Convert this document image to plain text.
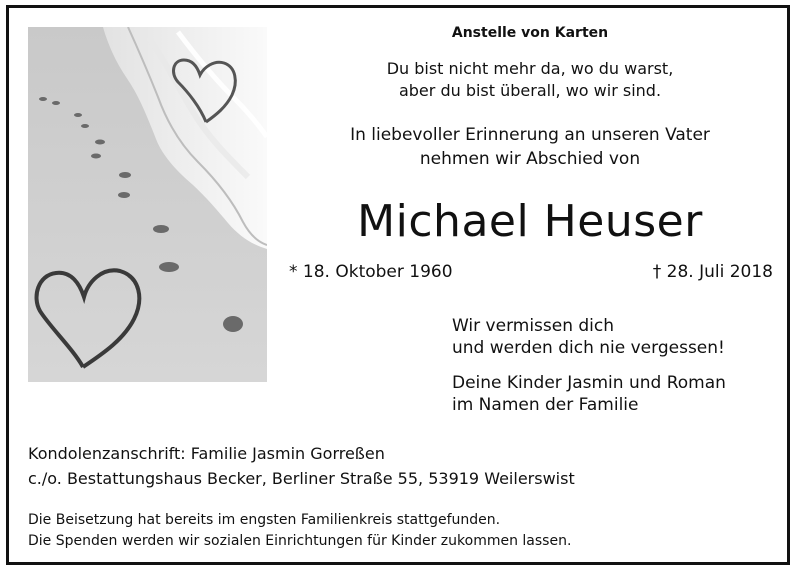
Anstelle von Karten
Du bist nicht mehr da, wo du warst,
aber du bist überall, wo wir sind.
In liebevoller Erinnerung an unseren Vater
nehmen wir Abschied von
Michael Heuser
* 18. Oktober 1960	† 28. Juli 2018
Wir vermissen dich
und werden dich nie vergessen!
Deine Kinder Jasmin und Roman
im Namen der Familie
Kondolenzanschrift: Familie Jasmin Gorreßen
c./o. Bestattungshaus Becker, Berliner Straße 55, 53919 Weilerswist
Die Beisetzung hat bereits im engsten Familienkreis stattgefunden.
Die Spenden werden wir sozialen Einrichtungen für Kinder zukommen lassen.
